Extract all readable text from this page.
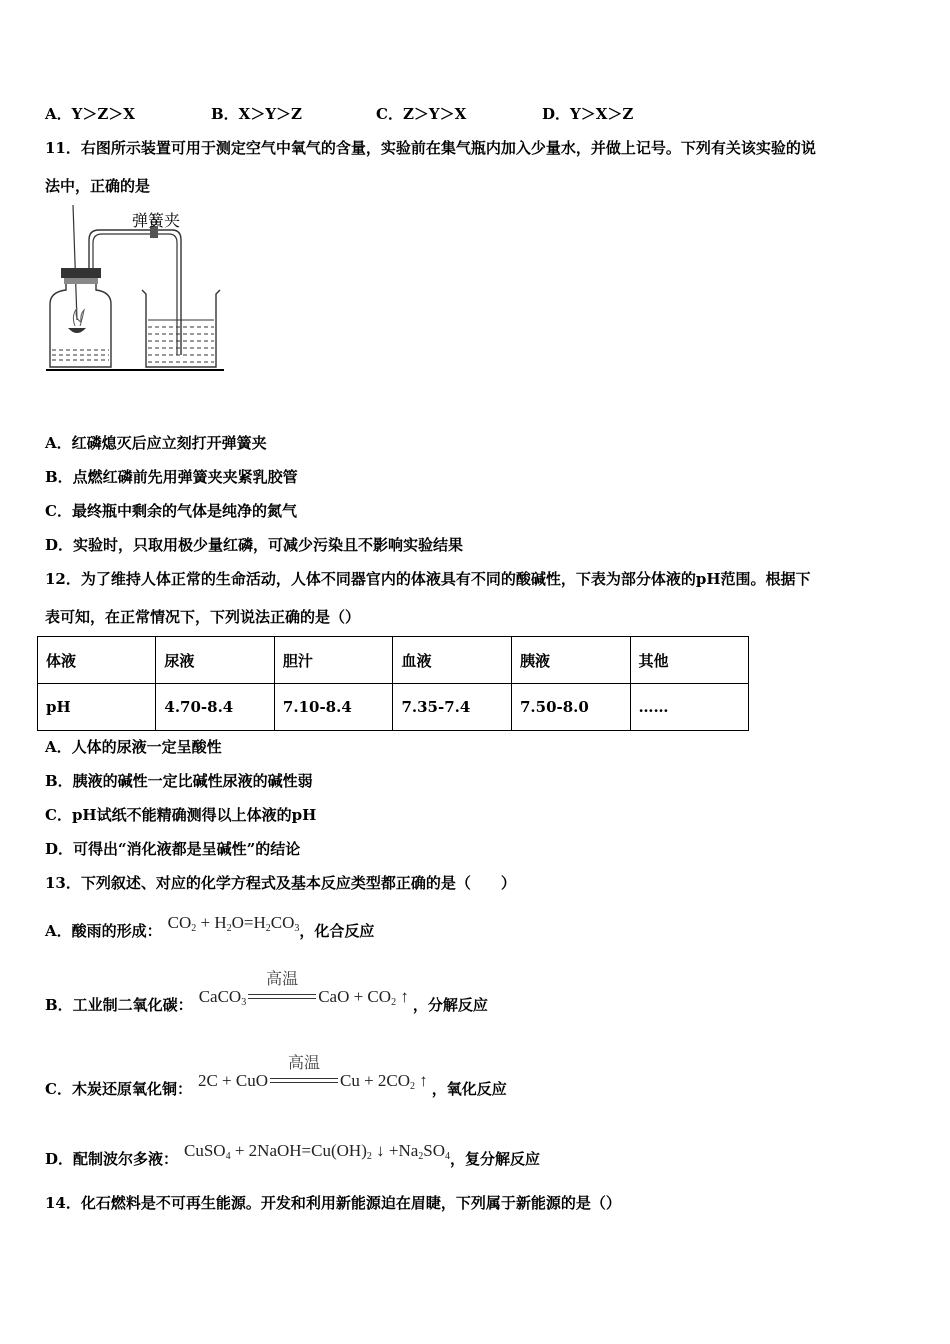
A．Y＞Z＞X	B．X＞Y＞Z	C．Z＞Y＞X	D．Y＞X＞Z
11．右图所示装置可用于测定空气中氧气的含量，实验前在集气瓶内加入少量水，并做上记号。下列有关该实验的说
法中，正确的是
弹簧夹
A．红磷熄灭后应立刻打开弹簧夹
B．点燃红磷前先用弹簧夹夹紧乳胶管
C．最终瓶中剩余的气体是纯净的氮气
D．实验时，只取用极少量红磷，可减少污染且不影响实验结果
12．为了维持人体正常的生命活动，人体不同器官内的体液具有不同的酸碱性，下表为部分体液的pH范围。根据下
表可知，在正常情况下，下列说法正确的是（）
体液	尿液	胆汁	血液	胰液	其他
pH	4.70-8.4	7.10-8.4	7.35-7.4	7.50-8.0	……
A．人体的尿液一定呈酸性
B．胰液的碱性一定比碱性尿液的碱性弱
C．pH试纸不能精确测得以上体液的pH
D．可得出“消化液都是呈碱性”的结论
13．下列叙述、对应的化学方程式及基本反应类型都正确的是（　　）
A．酸雨的形成： $CO_2 + H_2O=H_2CO_3$ ，化合反应
B．工业制二氧化碳： CaCO$_3$
高温
CaO + $CO_2$ ↑ ，分解反应
C．木炭还原氧化铜： 2C + CuO
高温
$Cu + 2CO_2$ ↑ ，氧化反应
D．配制波尔多液： CuSO$_4$ + $2NaOH=Cu(OH)_2$ ↓ $+Na_2SO_4$ ，复分解反应
14．化石燃料是不可再生能源。开发和利用新能源迫在眉睫，下列属于新能源的是（）
